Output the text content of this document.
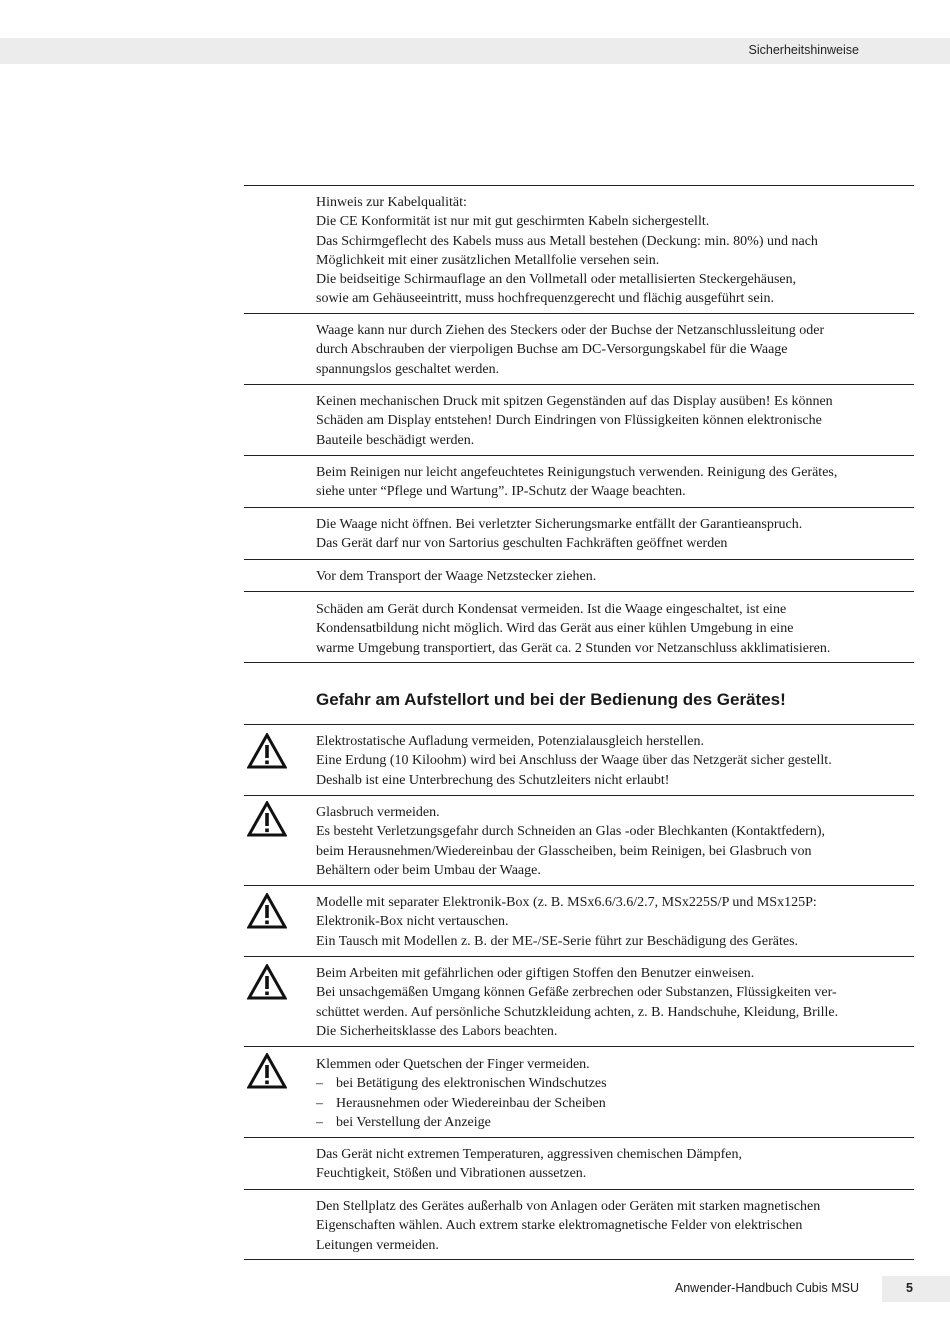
Sicherheitshinweise
Gefahr am Aufstellort und bei der Bedienung des Gerätes!
Hinweis zur Kabelqualität:
Die CE Konformität ist nur mit gut geschirmten Kabeln sichergestellt.
Das Schirmgeflecht des Kabels muss aus Metall bestehen (Deckung: min. 80%) und nach
Möglichkeit mit einer zusätzlichen Metallfolie versehen sein.
Die beidseitige Schirmauflage an den Vollmetall oder metallisierten Steckergehäusen,
sowie am Gehäuseeintritt, muss hochfrequenzgerecht und flächig ausgeführt sein.
Waage kann nur durch Ziehen des Steckers oder der Buchse der Netzanschlussleitung oder
durch Abschrauben der vierpoligen Buchse am DC-Versorgungskabel für die Waage
spannungslos geschaltet werden.
Keinen mechanischen Druck mit spitzen Gegenständen auf das Display ausüben! Es können
Schäden am Display entstehen! Durch Eindringen von Flüssigkeiten können elektronische
Bauteile beschädigt werden.
Beim Reinigen nur leicht angefeuchtetes Reinigungstuch verwenden. Reinigung des Gerätes,
siehe unter “Pflege und Wartung”. IP-Schutz der Waage beachten.
Die Waage nicht öffnen. Bei verletzter Sicherungsmarke entfällt der Garantieanspruch.
Das Gerät darf nur von Sartorius geschulten Fachkräften geöffnet werden
Vor dem Transport der Waage Netzstecker ziehen.
Schäden am Gerät durch Kondensat vermeiden. Ist die Waage eingeschaltet, ist eine
Kondensatbildung nicht möglich. Wird das Gerät aus einer kühlen Umgebung in eine
warme Umgebung transportiert, das Gerät ca. 2 Stunden vor Netzanschluss akklimatisieren.
Elektrostatische Aufladung vermeiden, Potenzialausgleich herstellen.
Eine Erdung (10 Kiloohm) wird bei Anschluss der Waage über das Netzgerät sicher gestellt.
Deshalb ist eine Unterbrechung des Schutzleiters nicht erlaubt!
Glasbruch vermeiden.
Es besteht Verletzungsgefahr durch Schneiden an Glas -oder Blechkanten (Kontaktfedern),
beim Herausnehmen/Wiedereinbau der Glasscheiben, beim Reinigen, bei Glasbruch von
Behältern oder beim Umbau der Waage.
Modelle mit separater Elektronik-Box (z. B. MSx6.6/3.6/2.7, MSx225S/P und MSx125P:
Elektronik-Box nicht vertauschen.
Ein Tausch mit Modellen z. B. der ME-/SE-Serie führt zur Beschädigung des Gerätes.
Beim Arbeiten mit gefährlichen oder giftigen Stoffen den Benutzer einweisen.
Bei unsachgemäßen Umgang können Gefäße zerbrechen oder Substanzen, Flüssigkeiten ver-
schüttet werden. Auf persönliche Schutzkleidung achten, z. B. Handschuhe, Kleidung, Brille.
Die Sicherheitsklasse des Labors beachten.
Klemmen oder Quetschen der Finger vermeiden.
– bei Betätigung des elektronischen Windschutzes
– Herausnehmen oder Wiedereinbau der Scheiben
– bei Verstellung der Anzeige
Das Gerät nicht extremen Temperaturen, aggressiven chemischen Dämpfen,
Feuchtigkeit, Stößen und Vibrationen aussetzen.
Den Stellplatz des Gerätes außerhalb von Anlagen oder Geräten mit starken magnetischen
Eigenschaften wählen. Auch extrem starke elektromagnetische Felder von elektrischen
Leitungen vermeiden.
Anwender-Handbuch Cubis MSU	5
